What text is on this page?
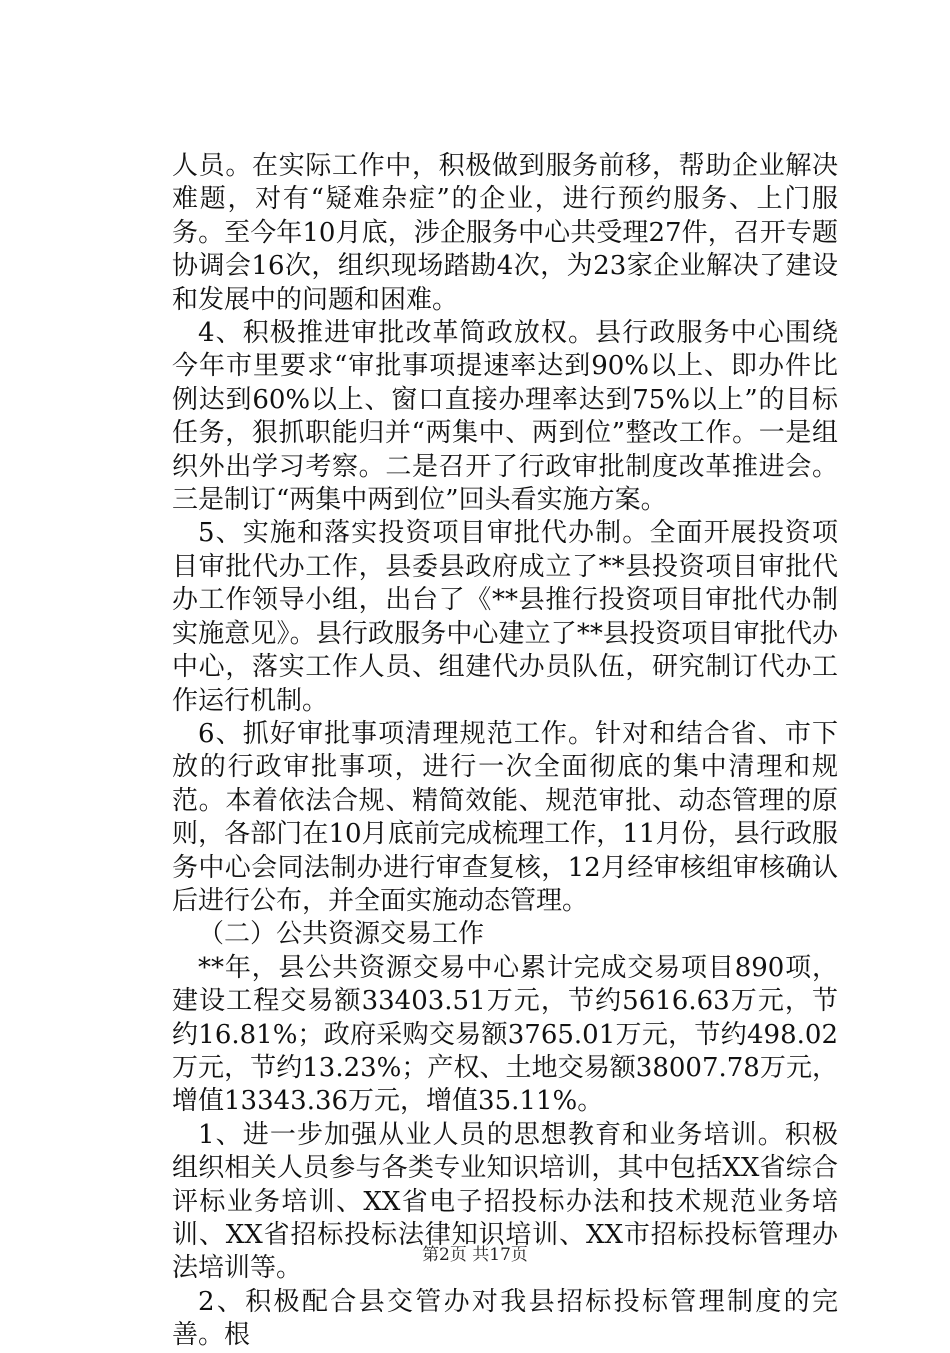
人员。在实际工作中，积极做到服务前移，帮助企业解决难题，对有“疑难杂症”的企业，进行预约服务、上门服务。至今年10月底，涉企服务中心共受理27件，召开专题协调会16次，组织现场踏勘4次，为23家企业解决了建设和发展中的问题和困难。

4、积极推进审批改革简政放权。县行政服务中心围绕今年市里要求“审批事项提速率达到90%以上、即办件比例达到60%以上、窗口直接办理率达到75%以上”的目标任务，狠抓职能归并“两集中、两到位”整改工作。一是组织外出学习考察。二是召开了行政审批制度改革推进会。三是制订“两集中两到位”回头看实施方案。

5、实施和落实投资项目审批代办制。全面开展投资项目审批代办工作，县委县政府成立了**县投资项目审批代办工作领导小组，出台了《**县推行投资项目审批代办制实施意见》。县行政服务中心建立了**县投资项目审批代办中心，落实工作人员、组建代办员队伍，研究制订代办工作运行机制。

6、抓好审批事项清理规范工作。针对和结合省、市下放的行政审批事项，进行一次全面彻底的集中清理和规范。本着依法合规、精简效能、规范审批、动态管理的原则，各部门在10月底前完成梳理工作，11月份，县行政服务中心会同法制办进行审查复核，12月经审核组审核确认后进行公布，并全面实施动态管理。

（二）公共资源交易工作

**年，县公共资源交易中心累计完成交易项目890项，建设工程交易额33403.51万元，节约5616.63万元，节约16.81%；政府采购交易额3765.01万元，节约498.02万元，节约13.23%；产权、土地交易额38007.78万元，增值13343.36万元，增值35.11%。

1、进一步加强从业人员的思想教育和业务培训。积极组织相关人员参与各类专业知识培训，其中包括XX省综合评标业务培训、XX省电子招投标办法和技术规范业务培训、XX省招标投标法律知识培训、XX市招标投标管理办法培训等。

2、积极配合县交管办对我县招标投标管理制度的完善。根

第2页 共17页
